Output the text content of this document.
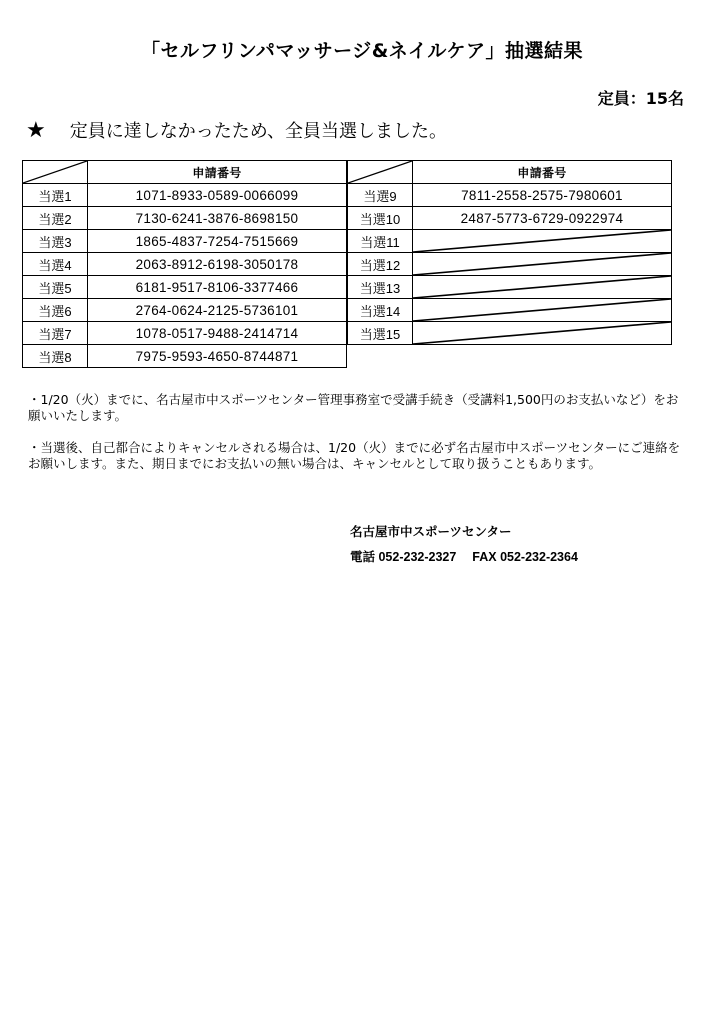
「セルフリンパマッサージ&ネイルケア」抽選結果
定員：15名
★ 定員に達しなかったため、全員当選しました。
	申請番号
当選1	1071-8933-0589-0066099
当選2	7130-6241-3876-8698150
当選3	1865-4837-7254-7515669
当選4	2063-8912-6198-3050178
当選5	6181-9517-8106-3377466
当選6	2764-0624-2125-5736101
当選7	1078-0517-9488-2414714
当選8	7975-9593-4650-8744871
	申請番号
当選9	7811-2558-2575-7980601
当選10	2487-5773-6729-0922974
当選11	

当選12	

当選13	

当選14	

当選15	

・1/20（火）までに、名古屋市中スポーツセンター管理事務室で受講手続き（受講料1,500円のお支払いなど）をお願いいたします。

・当選後、自己都合によりキャンセルされる場合は、1/20（火）までに必ず名古屋市中スポーツセンターにご連絡をお願いします。また、期日までにお支払いの無い場合は、キャンセルとして取り扱うこともあります。

名古屋市中スポーツセンター
電話 052-232-2327　 FAX 052-232-2364
